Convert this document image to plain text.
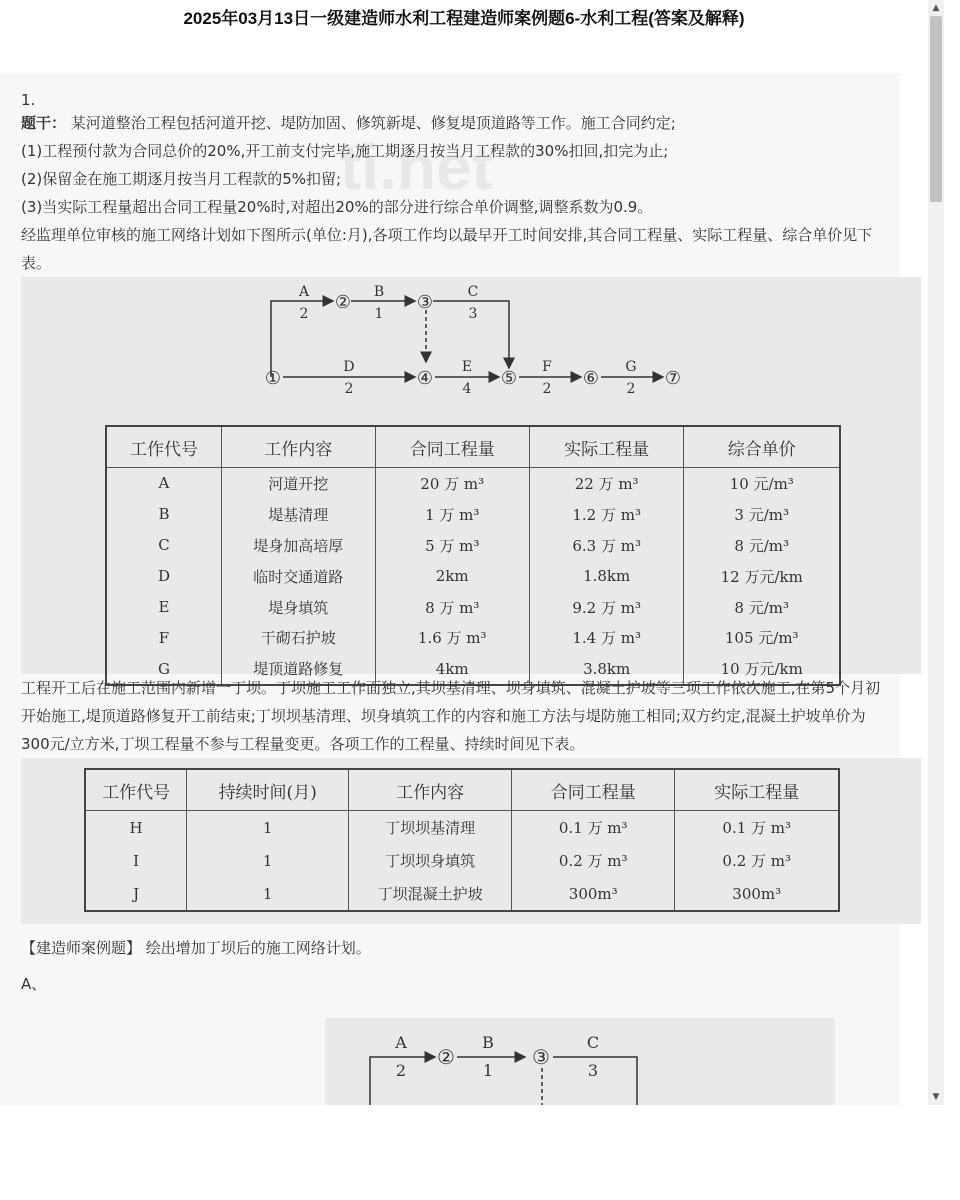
2025年03月13日一级建造师水利工程建造师案例题6-水利工程(答案及解释)
1.
题干： 某河道整治工程包括河道开挖、堤防加固、修筑新堤、修复堤顶道路等工作。施工合同约定;
(1)工程预付款为合同总价的20%,开工前支付完毕,施工期逐月按当月工程款的30%扣回,扣完为止;
(2)保留金在施工期逐月按当月工程款的5%扣留;
(3)当实际工程量超出合同工程量20%时,对超出20%的部分进行综合单价调整,调整系数为0.9。
经监理单位审核的施工网络计划如下图所示(单位:月),各项工作均以最早开工时间安排,其合同工程量、实际工程量、综合单价见下表。
ti.net
①
②	③
④	⑤	⑥	⑦
A
2
B
1
C
3
D
2
E
4
F
2
G
2
工作代号	工作内容	合同工程量	实际工程量	综合单价
A	河道开挖	20 万 m³	22 万 m³	10 元/m³
B	堤基清理	1 万 m³	1.2 万 m³	3 元/m³
C	堤身加高培厚	5 万 m³	6.3 万 m³	8 元/m³
D	临时交通道路	2km	1.8km	12 万元/km
E	堤身填筑	8 万 m³	9.2 万 m³	8 元/m³
F	干砌石护坡	1.6 万 m³	1.4 万 m³	105 元/m³
G	堤顶道路修复	4km	3.8km	10 万元/km
工程开工后在施工范围内新增一丁坝。丁坝施工工作面独立,其坝基清理、坝身填筑、混凝土护坡等三项工作依次施工,在第5个月初开始施工,堤顶道路修复开工前结束;丁坝坝基清理、坝身填筑工作的内容和施工方法与堤防施工相同;双方约定,混凝土护坡单价为300元/立方米,丁坝工程量不参与工程量变更。各项工作的工程量、持续时间见下表。
工作代号	持续时间(月)	工作内容	合同工程量	实际工程量
H	1	丁坝坝基清理	0.1 万 m³	0.1 万 m³
I	1	丁坝坝身填筑	0.2 万 m³	0.2 万 m³
J	1	丁坝混凝土护坡	300m³	300m³
【建造师案例题】 绘出增加丁坝后的施工网络计划。
A、
②	③
A
2
B
1
C
3
▲
▼
